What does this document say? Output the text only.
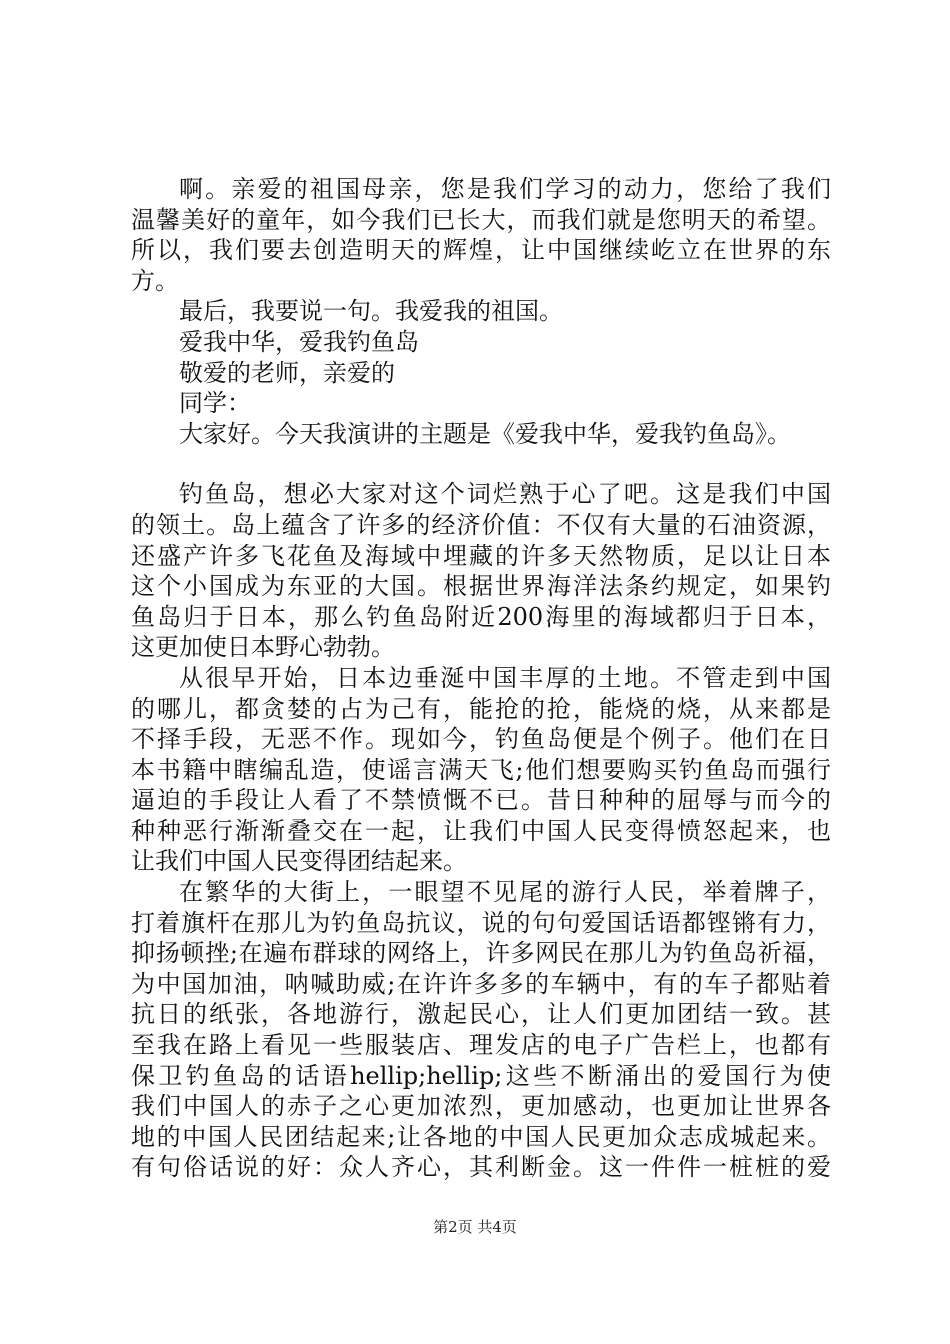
啊。亲爱的祖国母亲，您是我们学习的动力，您给了我们
温馨美好的童年，如今我们已长大，而我们就是您明天的希望。
所以，我们要去创造明天的辉煌，让中国继续屹立在世界的东
方。
最后，我要说一句。我爱我的祖国。
爱我中华，爱我钓鱼岛
敬爱的老师，亲爱的
同学：
大家好。今天我演讲的主题是《爱我中华，爱我钓鱼岛》。
钓鱼岛，想必大家对这个词烂熟于心了吧。这是我们中国
的领土。岛上蕴含了许多的经济价值：不仅有大量的石油资源，
还盛产许多飞花鱼及海域中埋藏的许多天然物质，足以让日本
这个小国成为东亚的大国。根据世界海洋法条约规定，如果钓
鱼岛归于日本，那么钓鱼岛附近200海里的海域都归于日本，
这更加使日本野心勃勃。
从很早开始，日本边垂涎中国丰厚的土地。不管走到中国
的哪儿，都贪婪的占为己有，能抢的抢，能烧的烧，从来都是
不择手段，无恶不作。现如今，钓鱼岛便是个例子。他们在日
本书籍中瞎编乱造，使谣言满天飞;他们想要购买钓鱼岛而强行
逼迫的手段让人看了不禁愤慨不已。昔日种种的屈辱与而今的
种种恶行渐渐叠交在一起，让我们中国人民变得愤怒起来，也
让我们中国人民变得团结起来。
在繁华的大街上，一眼望不见尾的游行人民，举着牌子，
打着旗杆在那儿为钓鱼岛抗议，说的句句爱国话语都铿锵有力，
抑扬顿挫;在遍布群球的网络上，许多网民在那儿为钓鱼岛祈福，
为中国加油，呐喊助威;在许许多多的车辆中，有的车子都贴着
抗日的纸张，各地游行，激起民心，让人们更加团结一致。甚
至我在路上看见一些服装店、理发店的电子广告栏上，也都有
保卫钓鱼岛的话语hellip;hellip;这些不断涌出的爱国行为使
我们中国人的赤子之心更加浓烈，更加感动，也更加让世界各
地的中国人民团结起来;让各地的中国人民更加众志成城起来。
有句俗话说的好：众人齐心，其利断金。这一件件一桩桩的爱
第2页 共4页
